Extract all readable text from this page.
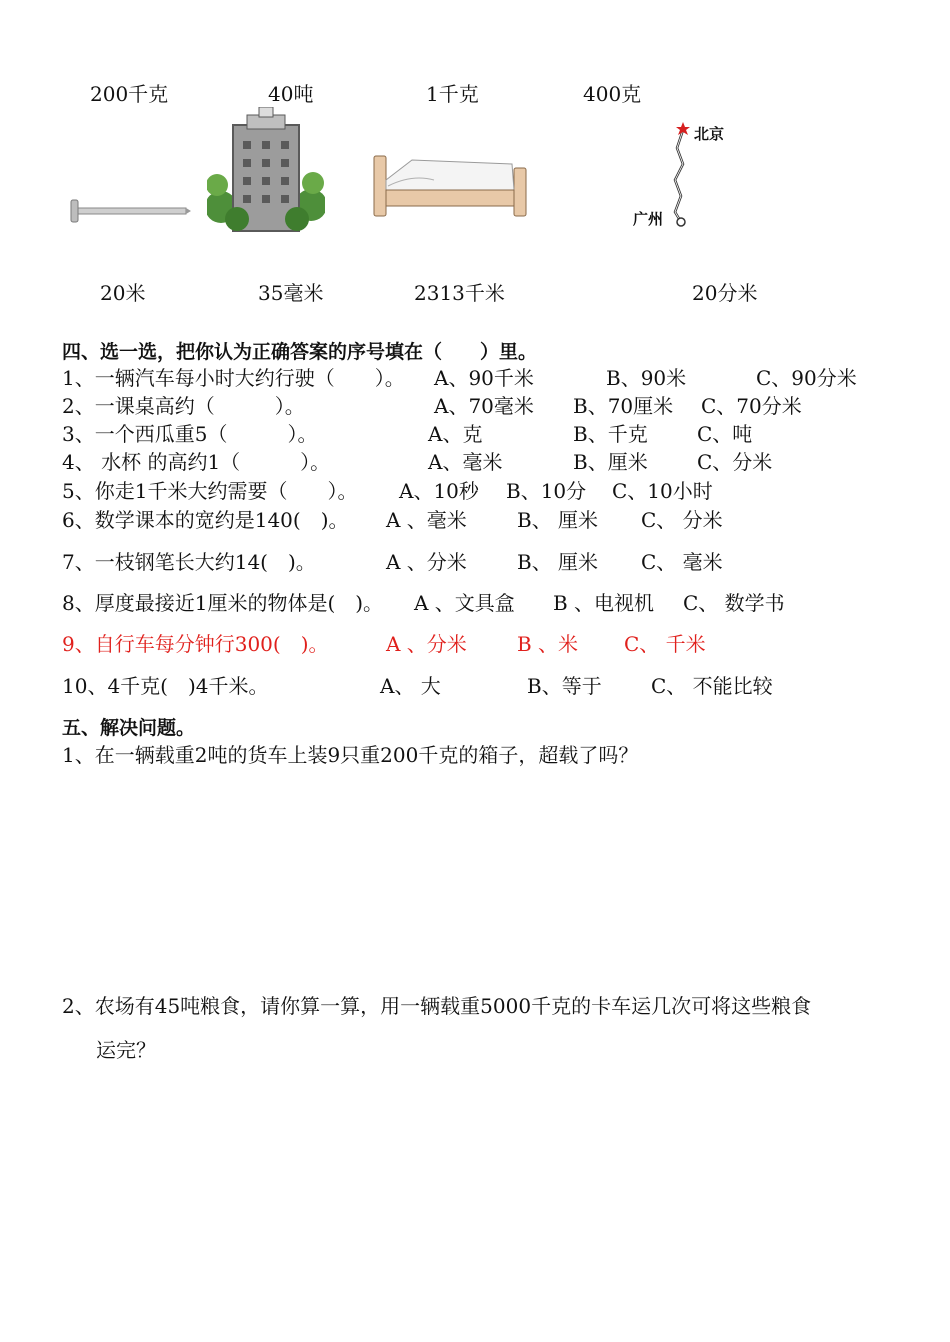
200千克	40吨	1千克	400克
北京
广州
20米	35毫米	2313千米	20分米
四、选一选，把你认为正确答案的序号填在（　　）里。
1、一辆汽车每小时大约行驶（　　）。 A、90千米	B、90米	C、90分米
2、一课桌高约（　　　）。	A、70毫米 B、70厘米 C、70分米
3、一个西瓜重5（　　　）。	A、克	B、千克 C、吨
4、 水杯 的高约1（　　　）。	A、毫米	B、厘米 C、分米
5、你走1千米大约需要（　　）。 A、10秒 B、10分 C、10小时
6、数学课本的宽约是140(　)。 A 、毫米	B、 厘米 C、 分米
7、一枝钢笔长大约14(　)。	A 、分米	B、 厘米 C、 毫米
8、厚度最接近1厘米的物体是(　)。 A 、文具盒 B 、电视机 C、 数学书
9、自行车每分钟行300(　)。	A 、分米	B 、米 C、 千米
10、4千克(　)4千米。	A、 大	B、等于 C、 不能比较
五、解决问题。
1、在一辆载重2吨的货车上装9只重200千克的箱子，超载了吗？
2、农场有45吨粮食，请你算一算，用一辆载重5000千克的卡车运几次可将这些粮食
运完？
